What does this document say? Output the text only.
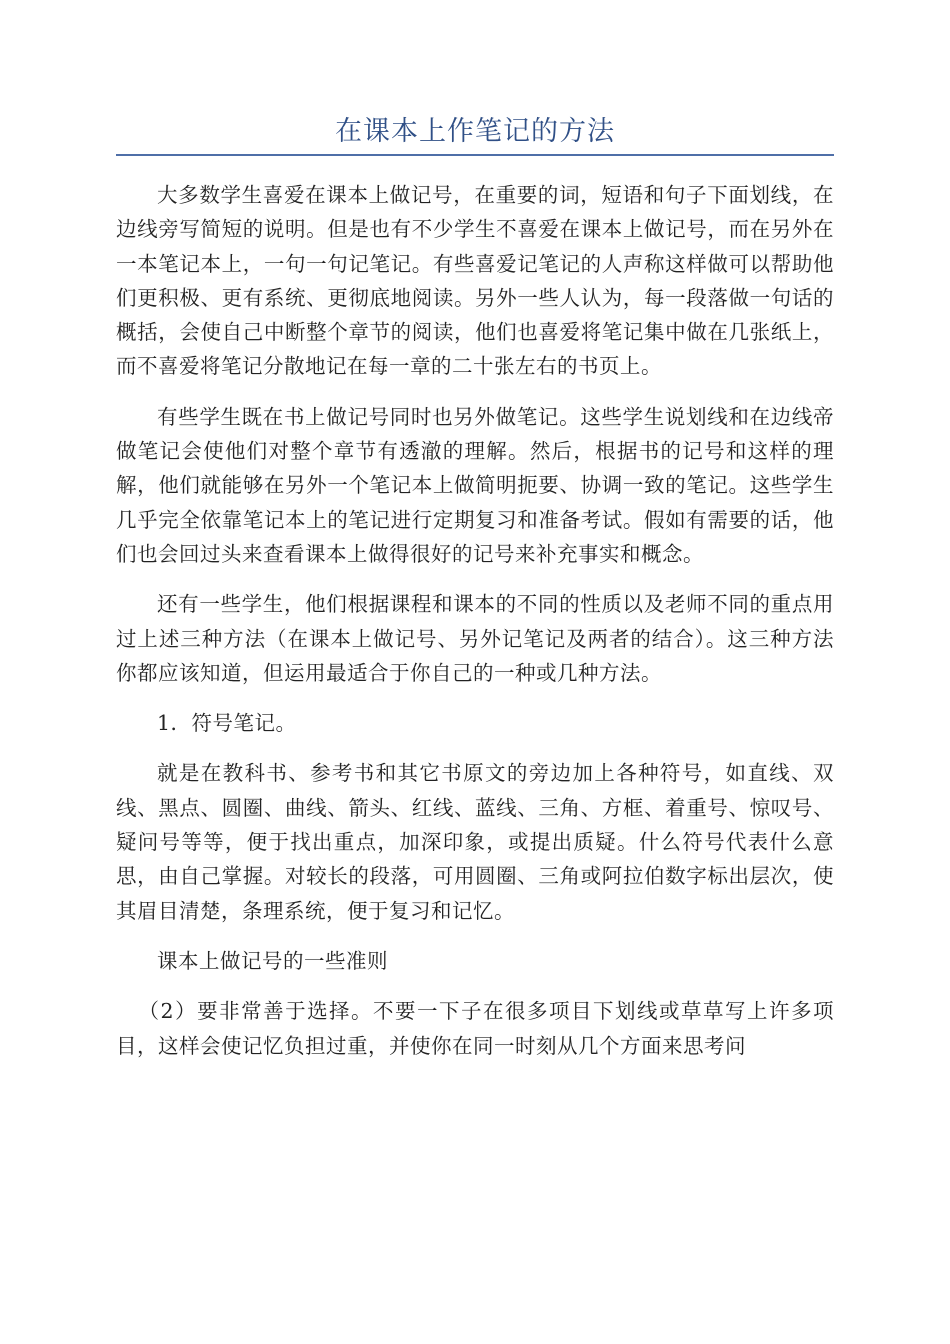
在课本上作笔记的方法

大多数学生喜爱在课本上做记号，在重要的词，短语和句子下面划线，在边线旁写简短的说明。但是也有不少学生不喜爱在课本上做记号，而在另外在一本笔记本上，一句一句记笔记。有些喜爱记笔记的人声称这样做可以帮助他们更积极、更有系统、更彻底地阅读。另外一些人认为，每一段落做一句话的概括，会使自己中断整个章节的阅读，他们也喜爱将笔记集中做在几张纸上，而不喜爱将笔记分散地记在每一章的二十张左右的书页上。

有些学生既在书上做记号同时也另外做笔记。这些学生说划线和在边线帝做笔记会使他们对整个章节有透澈的理解。然后，根据书的记号和这样的理解，他们就能够在另外一个笔记本上做简明扼要、协调一致的笔记。这些学生几乎完全依靠笔记本上的笔记进行定期复习和准备考试。假如有需要的话，他们也会回过头来查看课本上做得很好的记号来补充事实和概念。

还有一些学生，他们根据课程和课本的不同的性质以及老师不同的重点用过上述三种方法（在课本上做记号、另外记笔记及两者的结合）。这三种方法你都应该知道，但运用最适合于你自己的一种或几种方法。

1．符号笔记。

就是在教科书、参考书和其它书原文的旁边加上各种符号，如直线、双线、黑点、圆圈、曲线、箭头、红线、蓝线、三角、方框、着重号、惊叹号、疑问号等等，便于找出重点，加深印象，或提出质疑。什么符号代表什么意思，由自己掌握。对较长的段落，可用圆圈、三角或阿拉伯数字标出层次，使其眉目清楚，条理系统，便于复习和记忆。

课本上做记号的一些准则

（2）要非常善于选择。不要一下子在很多项目下划线或草草写上许多项目，这样会使记忆负担过重，并使你在同一时刻从几个方面来思考问
